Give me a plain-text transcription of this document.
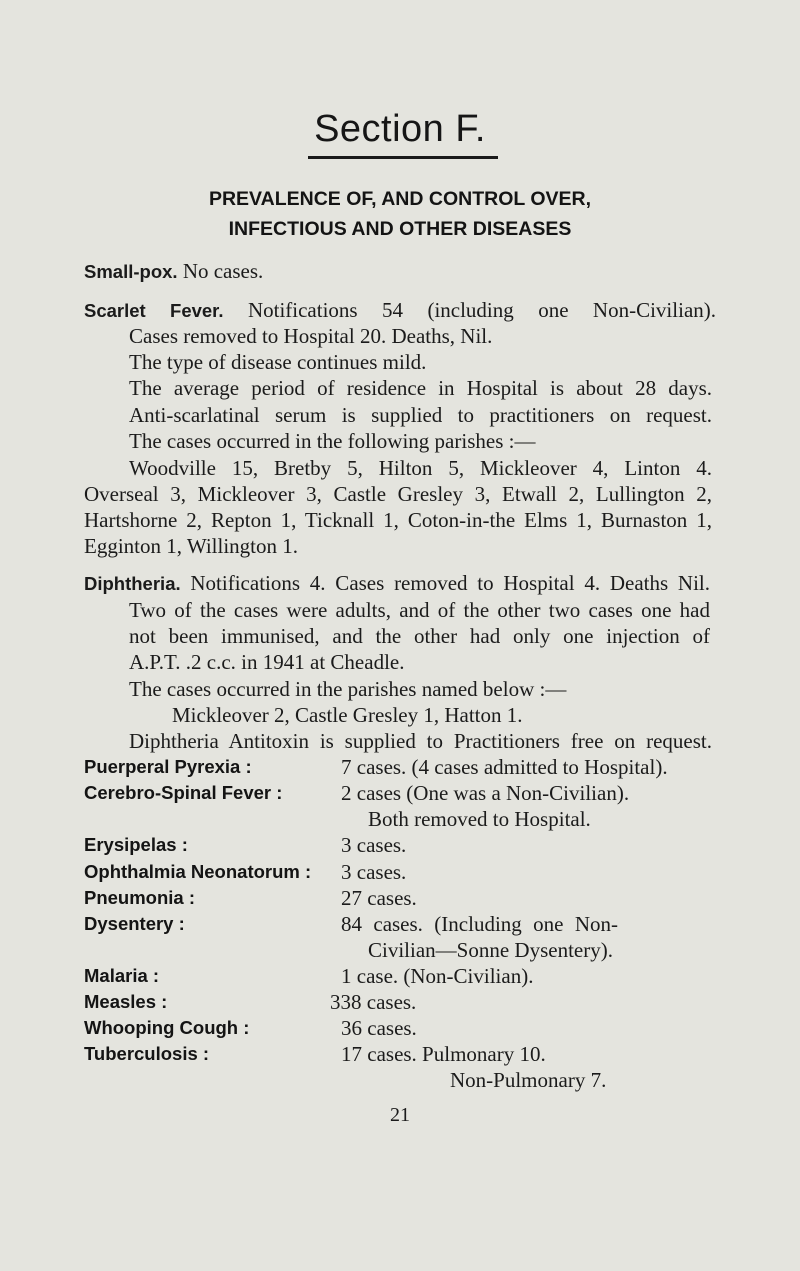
Section F.
PREVALENCE OF, AND CONTROL OVER,
INFECTIOUS AND OTHER DISEASES
Small-pox. No cases.
Scarlet Fever. Notifications 54 (including one Non-Civilian).
Cases removed to Hospital 20. Deaths, Nil.
The type of disease continues mild.
The average period of residence in Hospital is about 28 days.
Anti-scarlatinal serum is supplied to practitioners on request.
The cases occurred in the following parishes :—
Woodville 15, Bretby 5, Hilton 5, Mickleover 4, Linton 4.
Overseal 3, Mickleover 3, Castle Gresley 3, Etwall 2, Lullington 2,
Hartshorne 2, Repton 1, Ticknall 1, Coton-in-the Elms 1, Burnaston 1,
Egginton 1, Willington 1.
Diphtheria. Notifications 4. Cases removed to Hospital 4. Deaths Nil.
Two of the cases were adults, and of the other two cases one had
not been immunised, and the other had only one injection of
A.P.T. .2 c.c. in 1941 at Cheadle.
The cases occurred in the parishes named below :—
Mickleover 2, Castle Gresley 1, Hatton 1.
Diphtheria Antitoxin is supplied to Practitioners free on request.
Puerperal Pyrexia :	7 cases. (4 cases admitted to Hospital).
Cerebro-Spinal Fever :	2 cases (One was a Non-Civilian).
Both removed to Hospital.
Erysipelas :	3 cases.
Ophthalmia Neonatorum : 3 cases.
Pneumonia :	27 cases.
Dysentery :	84 cases. (Including one Non-
Civilian—Sonne Dysentery).
Malaria :	1 case. (Non-Civilian).
Measles :	338 cases.
Whooping Cough :	36 cases.
Tuberculosis :	17 cases. Pulmonary 10.
Non-Pulmonary 7.
21
